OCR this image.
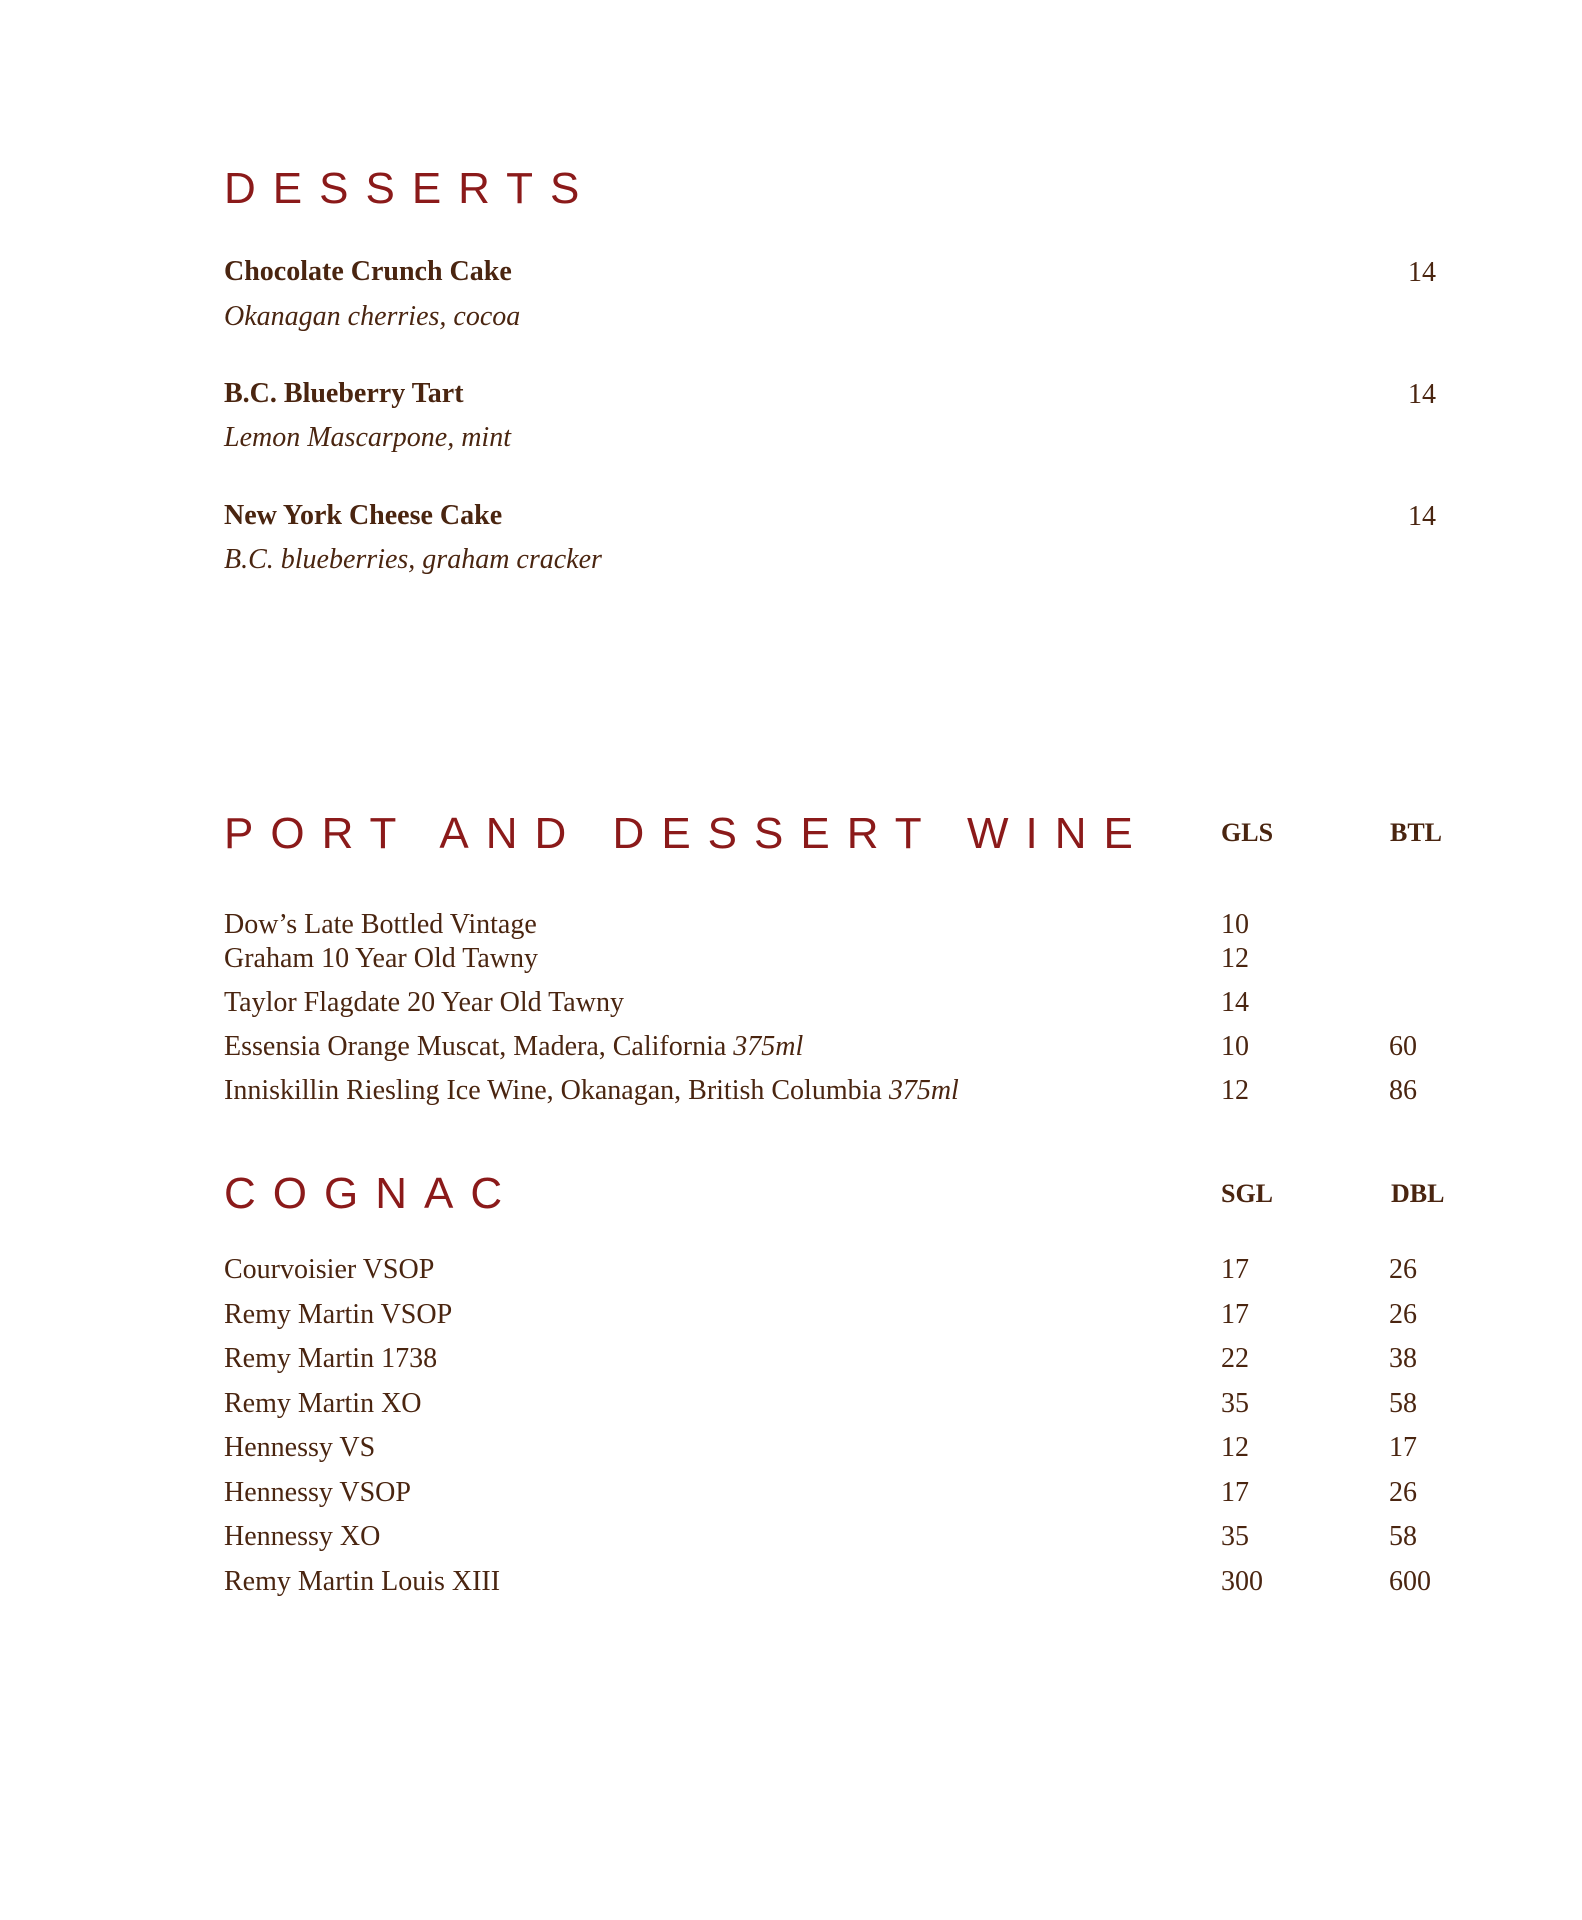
DESSERTS
Chocolate Crunch Cake	14
Okanagan cherries, cocoa
B.C. Blueberry Tart	14
Lemon Mascarpone, mint
New York Cheese Cake	14
B.C. blueberries, graham cracker
PORT AND DESSERT WINE	GLS	BTL
Dow’s Late Bottled Vintage	10
Graham 10 Year Old Tawny	12
Taylor Flagdate 20 Year Old Tawny	14
Essensia Orange Muscat, Madera, California 375ml	10	60
Inniskillin Riesling Ice Wine, Okanagan, British Columbia 375ml	12	86
COGNAC	SGL	DBL
Courvoisier VSOP	17	26
Remy Martin VSOP	17	26
Remy Martin 1738	22	38
Remy Martin XO	35	58
Hennessy VS	12	17
Hennessy VSOP	17	26
Hennessy XO	35	58
Remy Martin Louis XIII	300	600
